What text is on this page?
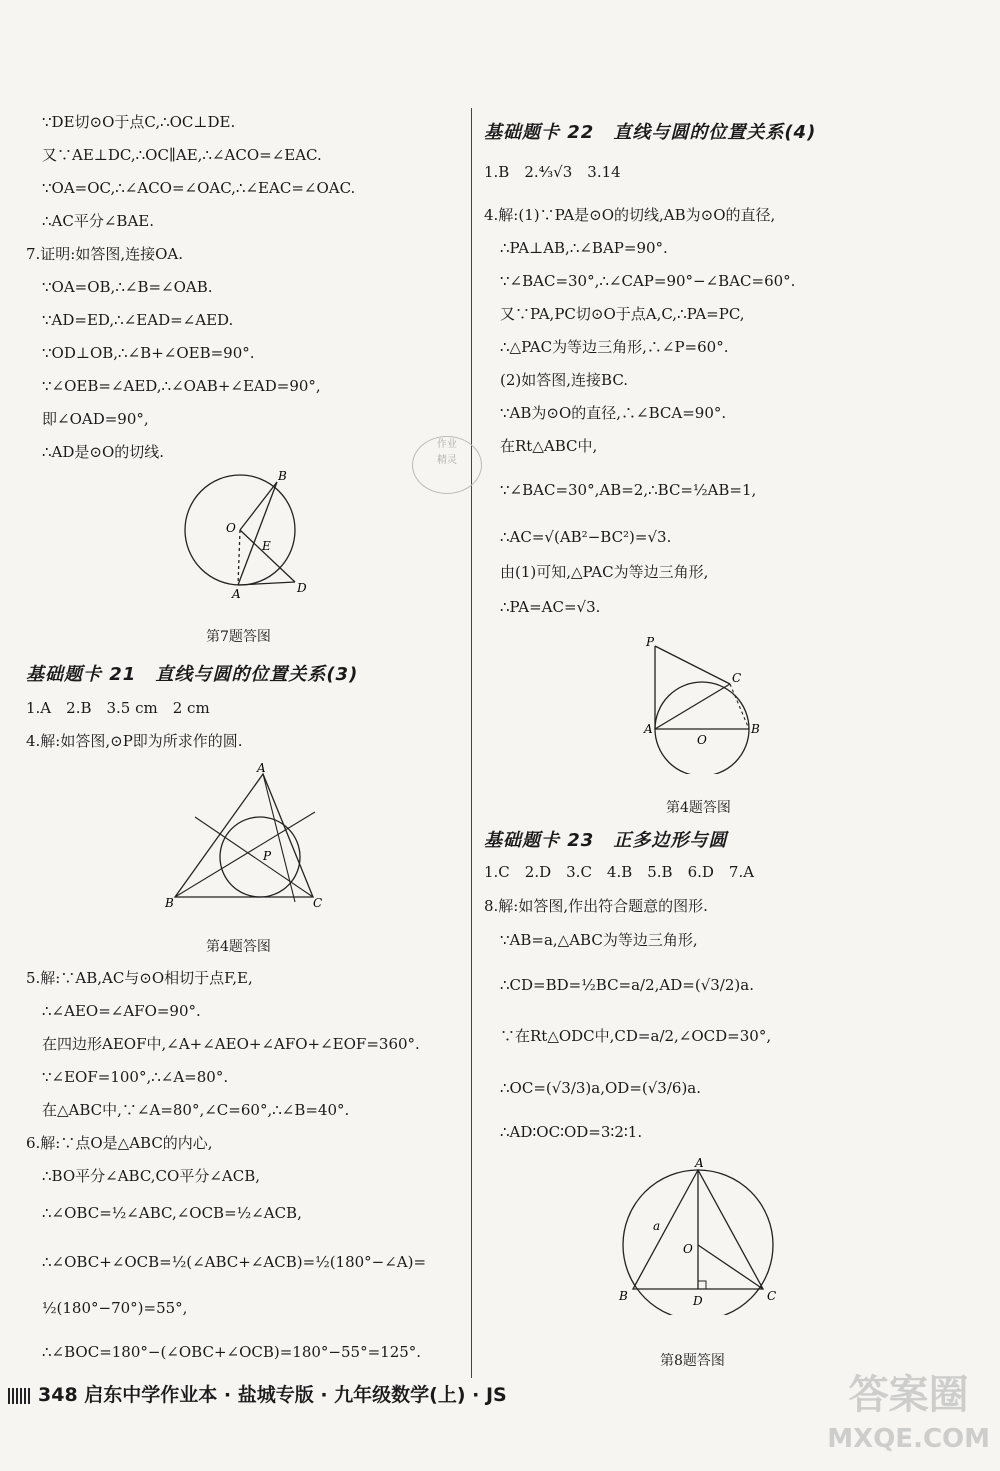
∵DE切⊙O于点C,∴OC⊥DE.
又∵AE⊥DC,∴OC∥AE,∴∠ACO=∠EAC.
∵OA=OC,∴∠ACO=∠OAC,∴∠EAC=∠OAC.
∴AC平分∠BAE.
7.证明:如答图,连接OA.
∵OA=OB,∴∠B=∠OAB.
∵AD=ED,∴∠EAD=∠AED.
∵OD⊥OB,∴∠B+∠OEB=90°.
∵∠OEB=∠AED,∴∠OAB+∠EAD=90°,
即∠OAD=90°,
∴AD是⊙O的切线.
B
O
E
A	D
第7题答图
基础题卡 21　直线与圆的位置关系(3)
1.A　2.B　3.5 cm　2 cm
4.解:如答图,⊙P即为所求作的圆.
A
P
B	C
第4题答图
5.解:∵AB,AC与⊙O相切于点F,E,
∴∠AEO=∠AFO=90°.
在四边形AEOF中,∠A+∠AEO+∠AFO+∠EOF=360°.
∵∠EOF=100°,∴∠A=80°.
在△ABC中,∵∠A=80°,∠C=60°,∴∠B=40°.
6.解:∵点O是△ABC的内心,
∴BO平分∠ABC,CO平分∠ACB,
∴∠OBC=½∠ABC,∠OCB=½∠ACB,
∴∠OBC+∠OCB=½(∠ABC+∠ACB)=½(180°−∠A)=
½(180°−70°)=55°,
∴∠BOC=180°−(∠OBC+∠OCB)=180°−55°=125°.
基础题卡 22　直线与圆的位置关系(4)
1.B　2.⁴⁄₃√3　3.14
4.解:(1)∵PA是⊙O的切线,AB为⊙O的直径,
∴PA⊥AB,∴∠BAP=90°.
∵∠BAC=30°,∴∠CAP=90°−∠BAC=60°.
又∵PA,PC切⊙O于点A,C,∴PA=PC,
∴△PAC为等边三角形,∴∠P=60°.
(2)如答图,连接BC.
∵AB为⊙O的直径,∴∠BCA=90°.
在Rt△ABC中,
∵∠BAC=30°,AB=2,∴BC=½AB=1,
∴AC=√(AB²−BC²)=√3.
由(1)可知,△PAC为等边三角形,
∴PA=AC=√3.
P
C
A
O
B
第4题答图
基础题卡 23　正多边形与圆
1.C　2.D　3.C　4.B　5.B　6.D　7.A
8.解:如答图,作出符合题意的图形.
∵AB=a,△ABC为等边三角形,
∴CD=BD=½BC=a/2,AD=(√3/2)a.
∵在Rt△ODC中,CD=a/2,∠OCD=30°,
∴OC=(√3/3)a,OD=(√3/6)a.
∴AD∶OC∶OD=3∶2∶1.
A
a
O
B	D	C
第8题答图
作业
精灵
348 启东中学作业本 · 盐城专版 · 九年级数学(上) · JS	答案圈
MXQE.COM
